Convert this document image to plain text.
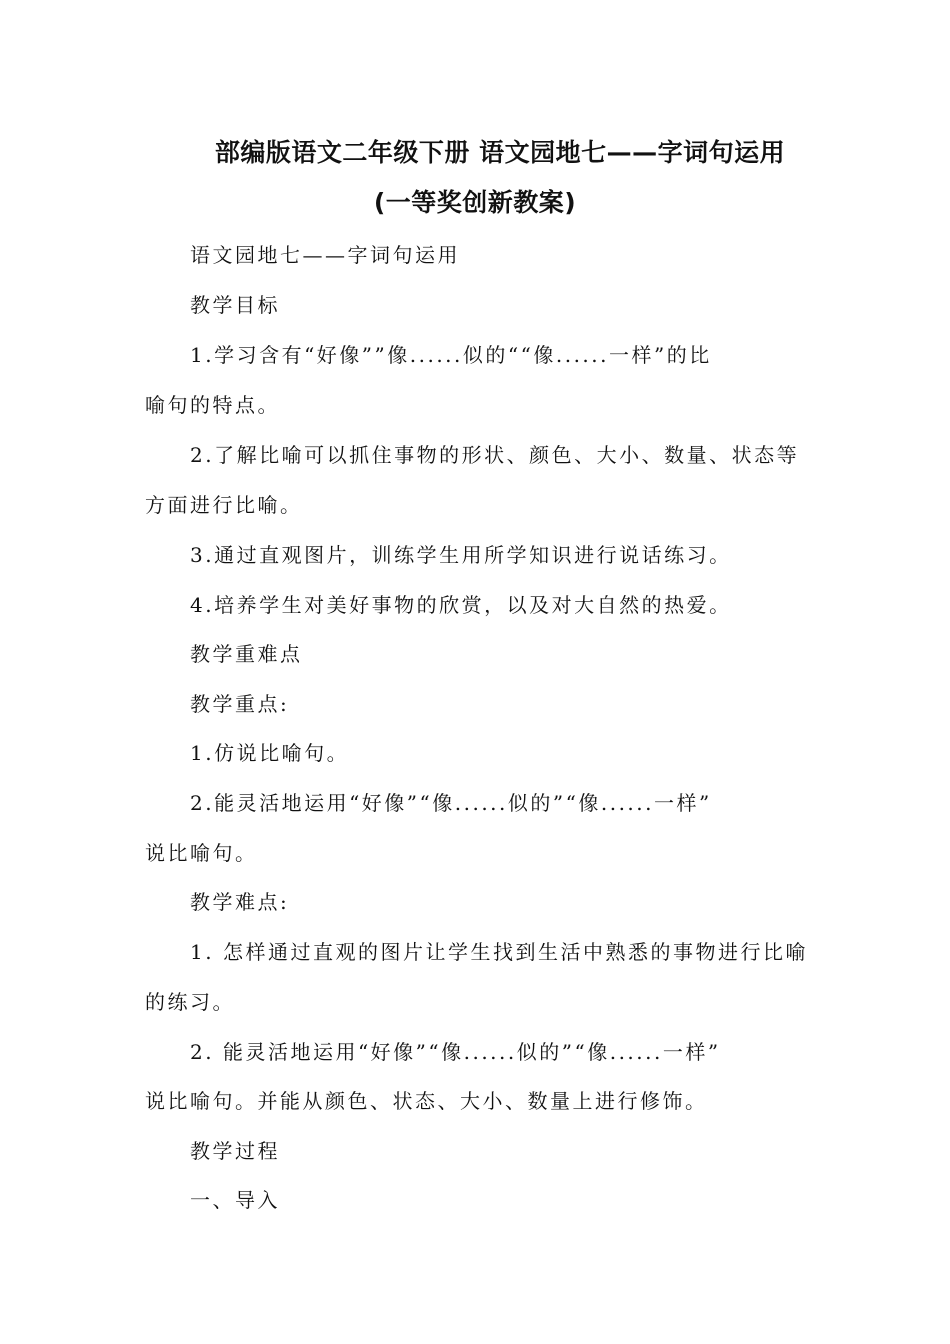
部编版语文二年级下册 语文园地七——字词句运用
(一等奖创新教案)
语文园地七——字词句运用
教学目标
1.学习含有“好像””像......似的““像......一样”的比
喻句的特点。
2.了解比喻可以抓住事物的形状、颜色、大小、数量、状态等
方面进行比喻。
3.通过直观图片，训练学生用所学知识进行说话练习。
4.培养学生对美好事物的欣赏，以及对大自然的热爱。
教学重难点
教学重点:
1.仿说比喻句。
2.能灵活地运用“好像”“像......似的”“像......一样”
说比喻句。
教学难点:
1. 怎样通过直观的图片让学生找到生活中熟悉的事物进行比喻
的练习。
2. 能灵活地运用“好像”“像......似的”“像......一样”
说比喻句。并能从颜色、状态、大小、数量上进行修饰。
教学过程
一、导入
